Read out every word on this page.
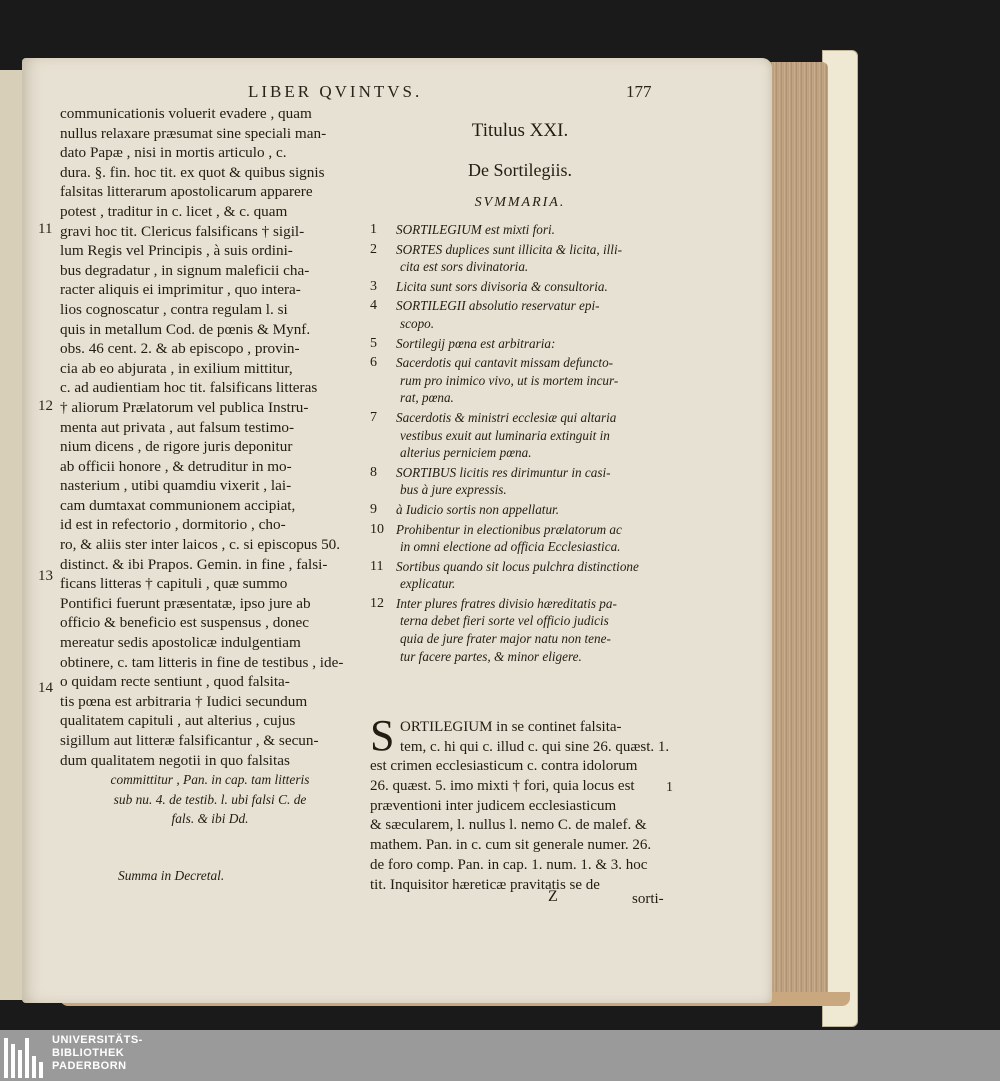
LIBER QVINTVS.	177
communicationis voluerit evadere , quam
nullus relaxare præsumat sine speciali man-
dato Papæ , nisi in mortis articulo , c.
dura. §. fin. hoc tit. ex quot & quibus signis
falsitas litterarum apostolicarum apparere
potest , traditur in c. licet , & c. quam
gravi hoc tit. Clericus falsificans † sigil-
lum Regis vel Principis , à suis ordini-
bus degradatur , in signum maleficii cha-
racter aliquis ei imprimitur , quo intera-
lios cognoscatur , contra regulam l. si
quis in metallum Cod. de pœnis & Mynf.
obs. 46 cent. 2. & ab episcopo , provin-
cia ab eo abjurata , in exilium mittitur,
c. ad audientiam hoc tit. falsificans litteras
† aliorum Prælatorum vel publica Instru-
menta aut privata , aut falsum testimo-
nium dicens , de rigore juris deponitur
ab officii honore , & detruditur in mo-
nasterium , utibi quamdiu vixerit , lai-
cam dumtaxat communionem accipiat,
id est in refectorio , dormitorio , cho-
ro, & aliis ster inter laicos , c. si episcopus 50.
distinct. & ibi Prapos. Gemin. in fine , falsi-
ficans litteras † capituli , quæ summo
Pontifici fuerunt præsentatæ, ipso jure ab
officio & beneficio est suspensus , donec
mereatur sedis apostolicæ indulgentiam
obtinere, c. tam litteris in fine de testibus , ide-
o quidam recte sentiunt , quod falsita-
tis pœna est arbitraria † Iudici secundum
qualitatem capituli , aut alterius , cujus
sigillum aut litteræ falsificantur , & secun-
dum qualitatem negotii in quo falsitas
committitur , Pan. in cap. tam litteris
sub nu. 4. de testib. l. ubi falsi C. de
fals. & ibi Dd.
11
12
13
14
Summa in Decretal.
Titulus XXI.
De Sortilegiis.
SVMMARIA.
1 SORTILEGIUM est mixti fori.
2 SORTES duplices sunt illicita & licita, illi-
cita est sors divinatoria.
3 Licita sunt sors divisoria & consultoria.
4 SORTILEGII absolutio reservatur epi-
scopo.
5 Sortilegij pœna est arbitraria:
6 Sacerdotis qui cantavit missam defuncto-
rum pro inimico vivo, ut is mortem incur-
rat, pœna.
7 Sacerdotis & ministri ecclesiæ qui altaria
vestibus exuit aut luminaria extinguit in
alterius perniciem pœna.
8 SORTIBUS licitis res dirimuntur in casi-
bus à jure expressis.
9 à Iudicio sortis non appellatur.
10 Prohibentur in electionibus prælatorum ac
in omni electione ad officia Ecclesiastica.
11 Sortibus quando sit locus pulchra distinctione
explicatur.
12 Inter plures fratres divisio hæreditatis pa-
terna debet fieri sorte vel officio judicis
quia de jure frater major natu non tene-
tur facere partes, & minor eligere.
S ORTILEGIUM in se continet falsita-
tem, c. hi qui c. illud c. qui sine 26. quæst. 1.
est crimen ecclesiasticum c. contra idolorum
26. quæst. 5. imo mixti † fori, quia locus est
præventioni inter judicem ecclesiasticum
& sæcularem, l. nullus l. nemo C. de malef. &
mathem. Pan. in c. cum sit generale numer. 26.
de foro comp. Pan. in cap. 1. num. 1. & 3. hoc
tit. Inquisitor hæreticæ pravitatis se de
1
Z	sorti-
UNIVERSITÄTS-
BIBLIOTHEK
PADERBORN
